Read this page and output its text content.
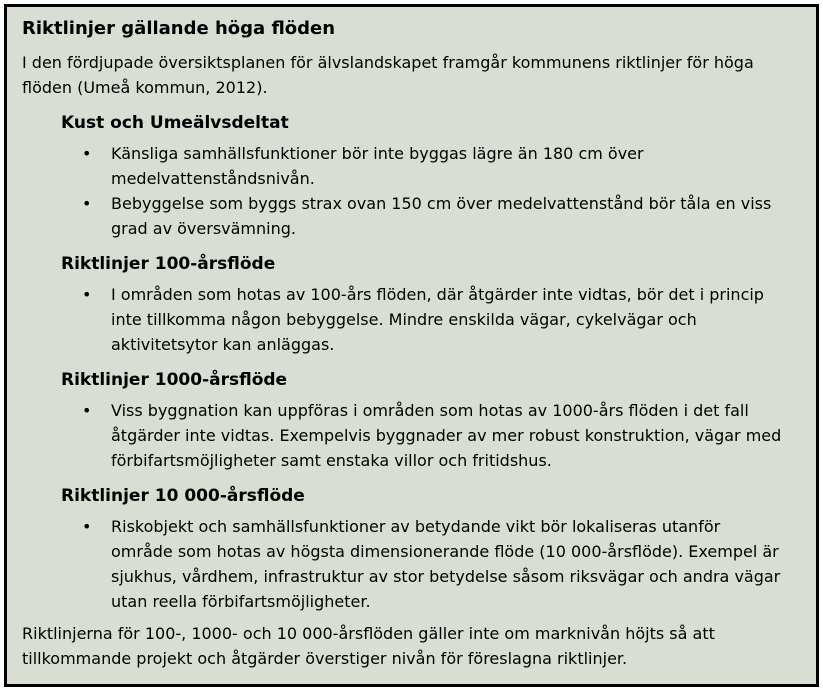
Riktlinjer gällande höga flöden

I den fördjupade översiktsplanen för älvslandskapet framgår kommunens riktlinjer för höga flöden (Umeå kommun, 2012).

Kust och Umeälvsdeltat
• Känsliga samhällsfunktioner bör inte byggas lägre än 180 cm över medelvattenståndsnivån.
• Bebyggelse som byggs strax ovan 150 cm över medelvattenstånd bör tåla en viss grad av översvämning.
Riktlinjer 100-årsflöde
• I områden som hotas av 100-års flöden, där åtgärder inte vidtas, bör det i princip inte tillkomma någon bebyggelse. Mindre enskilda vägar, cykelvägar och aktivitetsytor kan anläggas.
Riktlinjer 1000-årsflöde
• Viss byggnation kan uppföras i områden som hotas av 1000-års flöden i det fall åtgärder inte vidtas. Exempelvis byggnader av mer robust konstruktion, vägar med förbifartsmöjligheter samt enstaka villor och fritidshus.
Riktlinjer 10 000-årsflöde
• Riskobjekt och samhällsfunktioner av betydande vikt bör lokaliseras utanför område som hotas av högsta dimensionerande flöde (10 000-årsflöde). Exempel är sjukhus, vårdhem, infrastruktur av stor betydelse såsom riksvägar och andra vägar utan reella förbifartsmöjligheter.

Riktlinjerna för 100-, 1000- och 10 000-årsflöden gäller inte om marknivån höjts så att tillkommande projekt och åtgärder överstiger nivån för föreslagna riktlinjer.
